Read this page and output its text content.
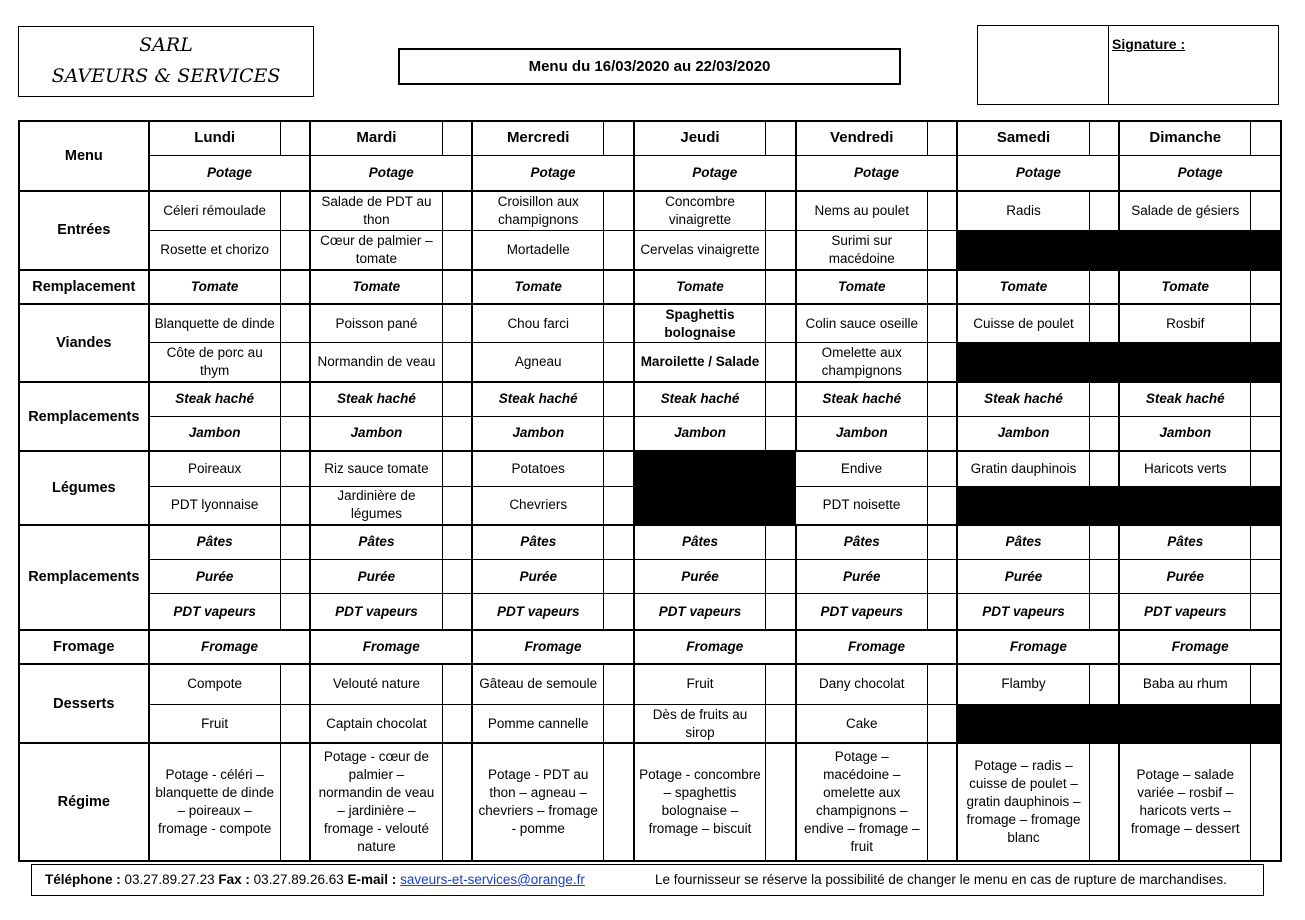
SARL
SAVEURS & SERVICES	Menu du 16/03/2020 au 22/03/2020
Signature :
Menu	Lundi		Mardi		Mercredi		Jeudi		Vendredi		Samedi		Dimanche	
	Potage		Potage		Potage		Potage		Potage		Potage		Potage	
Entrées	Céleri rémoulade		Salade de PDT au thon		Croisillon aux champignons		Concombre vinaigrette		Nems au poulet		Radis		Salade de gésiers	
	Rosette et chorizo		Cœur de palmier – tomate		Mortadelle		Cervelas vinaigrette		Surimi sur macédoine					
Remplacement	Tomate		Tomate		Tomate		Tomate		Tomate		Tomate		Tomate	
Viandes	Blanquette de dinde		Poisson pané		Chou farci		Spaghettis bolognaise		Colin sauce oseille		Cuisse de poulet		Rosbif	
	Côte de porc au thym		Normandin de veau		Agneau		Maroilette / Salade		Omelette aux champignons					
Remplacements	Steak haché		Steak haché		Steak haché		Steak haché		Steak haché		Steak haché		Steak haché	
	Jambon		Jambon		Jambon		Jambon		Jambon		Jambon		Jambon	
Légumes	Poireaux		Riz sauce tomate		Potatoes				Endive		Gratin dauphinois		Haricots verts	
	PDT lyonnaise		Jardinière de légumes		Chevriers				PDT noisette					
Remplacements	Pâtes		Pâtes		Pâtes		Pâtes		Pâtes		Pâtes		Pâtes	
	Purée		Purée		Purée		Purée		Purée		Purée		Purée	
	PDT vapeurs		PDT vapeurs		PDT vapeurs		PDT vapeurs		PDT vapeurs		PDT vapeurs		PDT vapeurs	
Fromage	Fromage		Fromage		Fromage		Fromage		Fromage		Fromage		Fromage	
Desserts	Compote		Velouté nature		Gâteau de semoule		Fruit		Dany chocolat		Flamby		Baba au rhum	
	Fruit		Captain chocolat		Pomme cannelle		Dès de fruits au sirop		Cake					
Régime	Potage - céléri – blanquette de dinde – poireaux – fromage - compote		Potage - cœur de palmier – normandin de veau – jardinière – fromage - velouté nature		Potage - PDT au thon – agneau – chevriers – fromage - pomme		Potage - concombre – spaghettis bolognaise – fromage – biscuit		Potage – macédoine – omelette aux champignons – endive – fromage – fruit		Potage – radis – cuisse de poulet – gratin dauphinois – fromage – fromage blanc		Potage – salade variée – rosbif – haricots verts – fromage – dessert	
Téléphone : 03.27.89.27.23 Fax : 03.27.89.26.63 E-mail : saveurs-et-services@orange.fr	Le fournisseur se réserve la possibilité de changer le menu en cas de rupture de marchandises.
